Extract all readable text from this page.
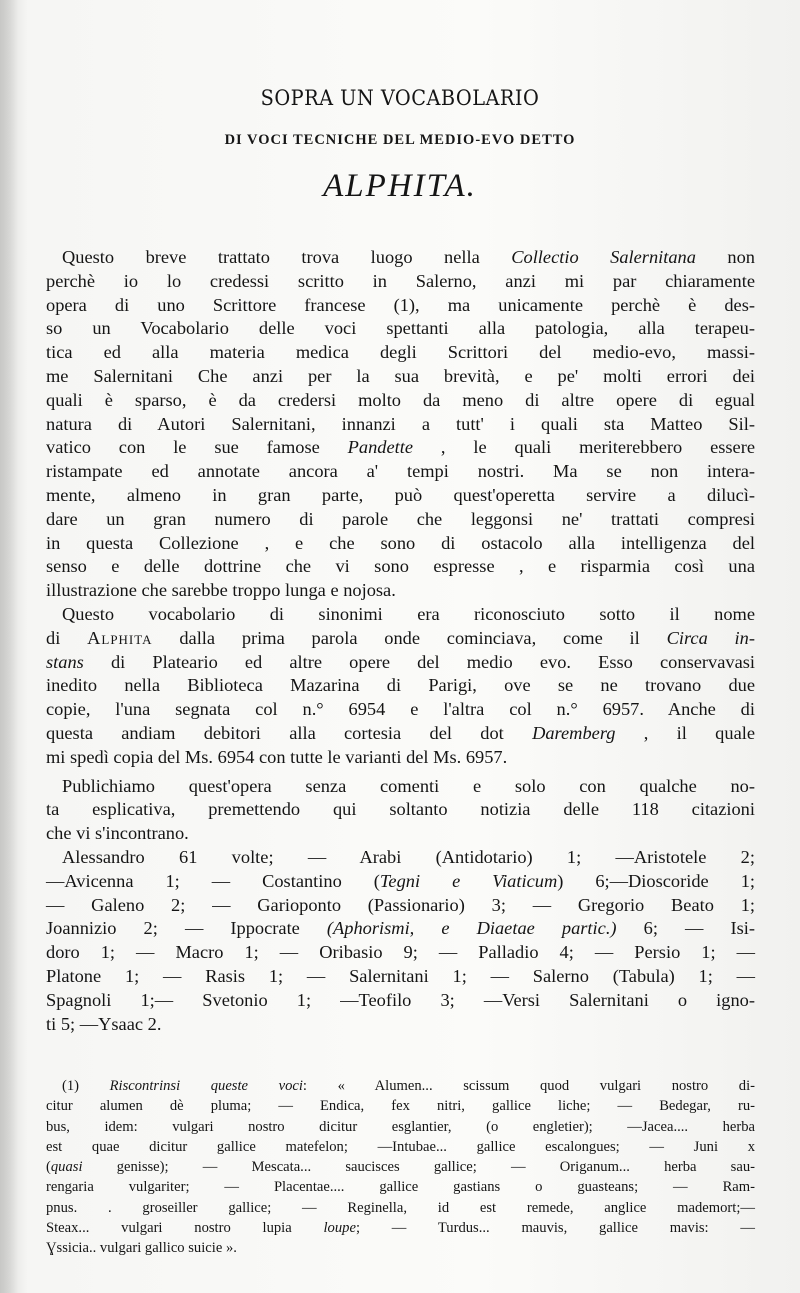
SOPRA UN VOCABOLARIO
DI VOCI TECNICHE DEL MEDIO-EVO DETTO
ALPHITA.
Questo breve trattato trova luogo nella Collectio Salernitana non
perchè io lo credessi scritto in Salerno, anzi mi par chiaramente
opera di uno Scrittore francese (1), ma unicamente perchè è des-
so un Vocabolario delle voci spettanti alla patologia, alla terapeu-
tica ed alla materia medica degli Scrittori del medio-evo, massi-
me Salernitani Che anzi per la sua brevità, e pe' molti errori dei
quali è sparso, è da credersi molto da meno di altre opere di egual
natura di Autori Salernitani, innanzi a tutt' i quali sta Matteo Sil-
vatico con le sue famose Pandette , le quali meriterebbero essere
ristampate ed annotate ancora a' tempi nostri. Ma se non intera-
mente, almeno in gran parte, può quest'operetta servire a dilucì-
dare un gran numero di parole che leggonsi ne' trattati compresi
in questa Collezione , e che sono di ostacolo alla intelligenza del
senso e delle dottrine che vi sono espresse , e risparmia così una
illustrazione che sarebbe troppo lunga e nojosa.
Questo vocabolario di sinonimi era riconosciuto sotto il nome
di Alphita dalla prima parola onde cominciava, come il Circa in-
stans di Plateario ed altre opere del medio evo. Esso conservavasi
inedito nella Biblioteca Mazarina di Parigi, ove se ne trovano due
copie, l'una segnata col n.° 6954 e l'altra col n.° 6957. Anche di
questa andiam debitori alla cortesia del dot Daremberg , il quale
mi spedì copia del Ms. 6954 con tutte le varianti del Ms. 6957.
Publichiamo quest'opera senza comenti e solo con qualche no-
ta esplicativa, premettendo qui soltanto notizia delle 118 citazioni
che vi s'incontrano.
Alessandro 61 volte; — Arabi (Antidotario) 1; —Aristotele 2;
—Avicenna 1; — Costantino (Tegni e Viaticum) 6;—Dioscoride 1;
— Galeno 2; — Garioponto (Passionario) 3; — Gregorio Beato 1;
Joannizio 2; — Ippocrate (Aphorismi, e Diaetae partic.) 6; — Isi-
doro 1; — Macro 1; — Oribasio 9; — Palladio 4; — Persio 1; —
Platone 1; — Rasis 1; — Salernitani 1; — Salerno (Tabula) 1; —
Spagnoli 1;— Svetonio 1; —Teofilo 3; —Versi Salernitani o igno-
ti 5; —Ysaac 2.
(1) Riscontrinsi queste voci: « Alumen... scissum quod vulgari nostro di-
citur alumen dè pluma; — Endica, fex nitri, gallice liche; — Bedegar, ru-
bus, idem: vulgari nostro dicitur esglantier, (o engletier); —Jacea.... herba
est quae dicitur gallice matefelon; —Intubae... gallice escalongues; — Juni x
(quasi genisse); — Mescata... saucisces gallice; — Origanum... herba sau-
rengaria vulgariter; — Placentae.... gallice gastians o guasteans; — Ram-
pnus. . groseiller gallice; — Reginella, id est remede, anglice mademort;—
Steax... vulgari nostro lupia loupe; — Turdus... mauvis, gallice mavis: —
Ɣssicia.. vulgari gallico suicie ».
